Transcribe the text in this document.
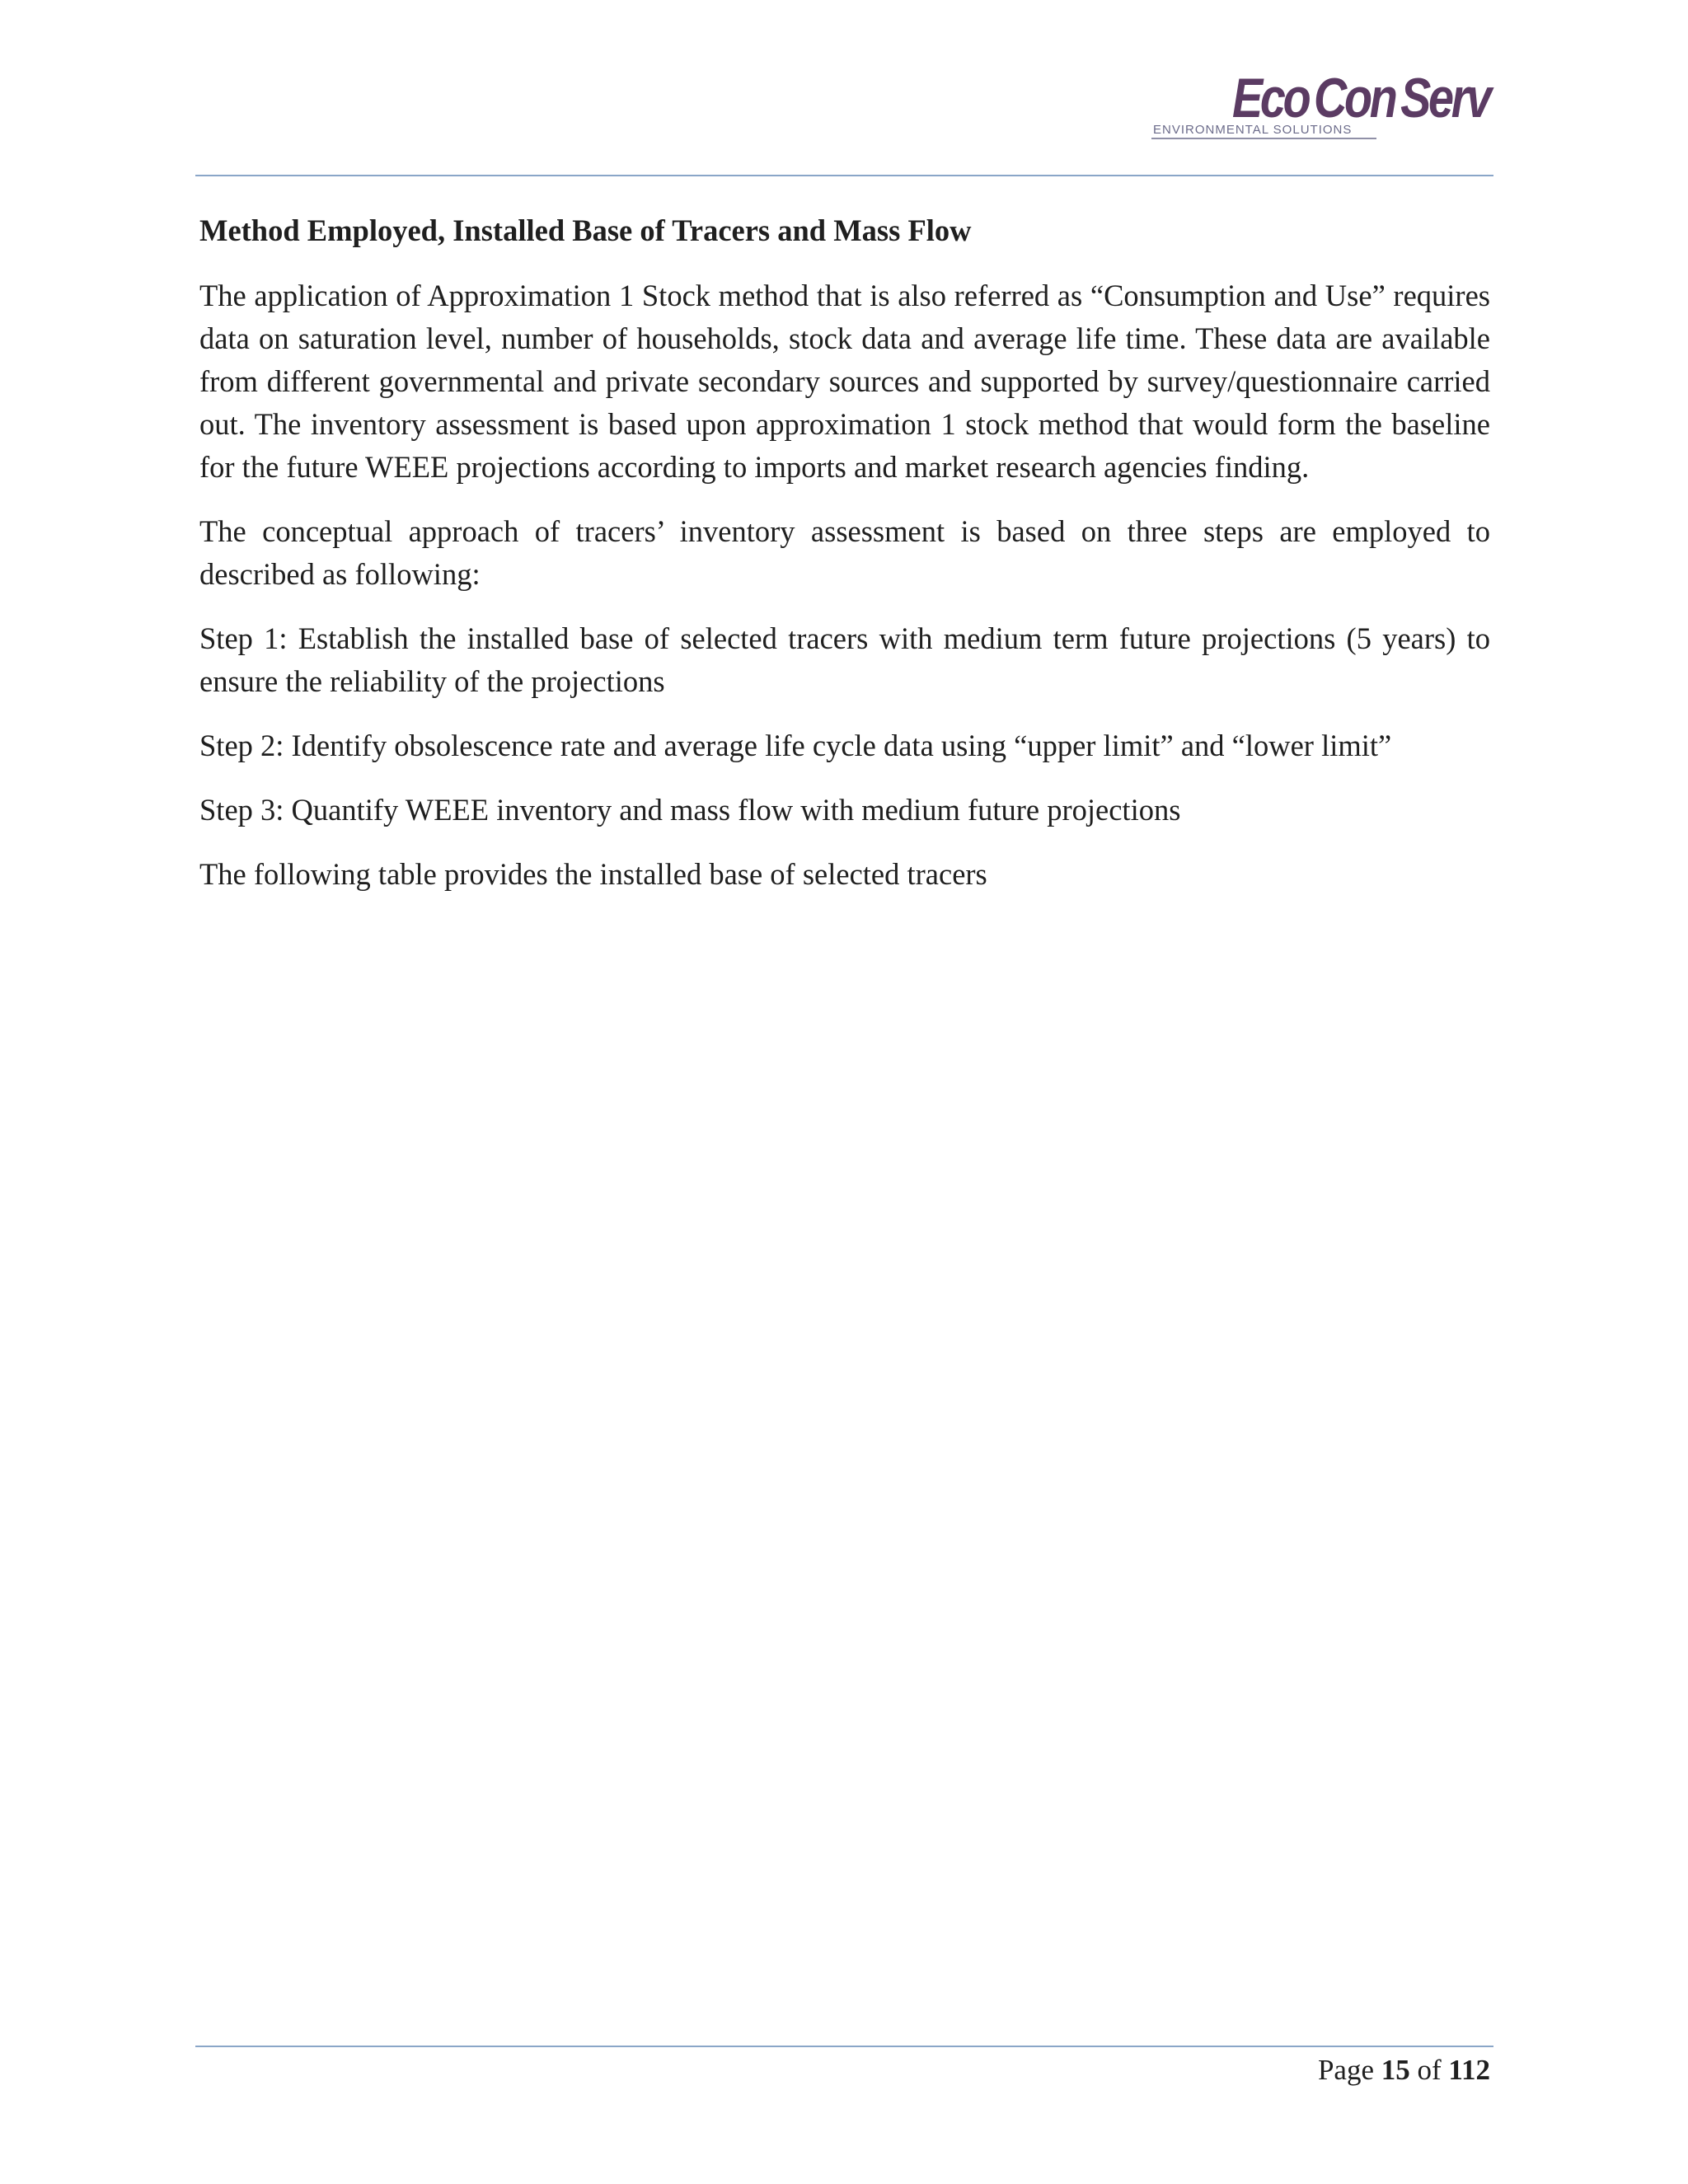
EcoConServ
ENVIRONMENTAL SOLUTIONS

Method Employed, Installed Base of Tracers and Mass Flow

The application of Approximation 1 Stock method that is also referred as “Consumption and Use” requires data on saturation level, number of households, stock data and average life time. These data are available from different governmental and private secondary sources and supported by survey/questionnaire carried out. The inventory assessment is based upon approximation 1 stock method that would form the baseline for the future WEEE projections according to imports and market research agencies finding.

The conceptual approach of tracers’ inventory assessment is based on three steps are employed to described as following:

Step 1: Establish the installed base of selected tracers with medium term future projections (5 years) to ensure the reliability of the projections

Step 2: Identify obsolescence rate and average life cycle data using “upper limit” and “lower limit”

Step 3: Quantify WEEE inventory and mass flow with medium future projections

The following table provides the installed base of selected tracers

Page 15 of 112
